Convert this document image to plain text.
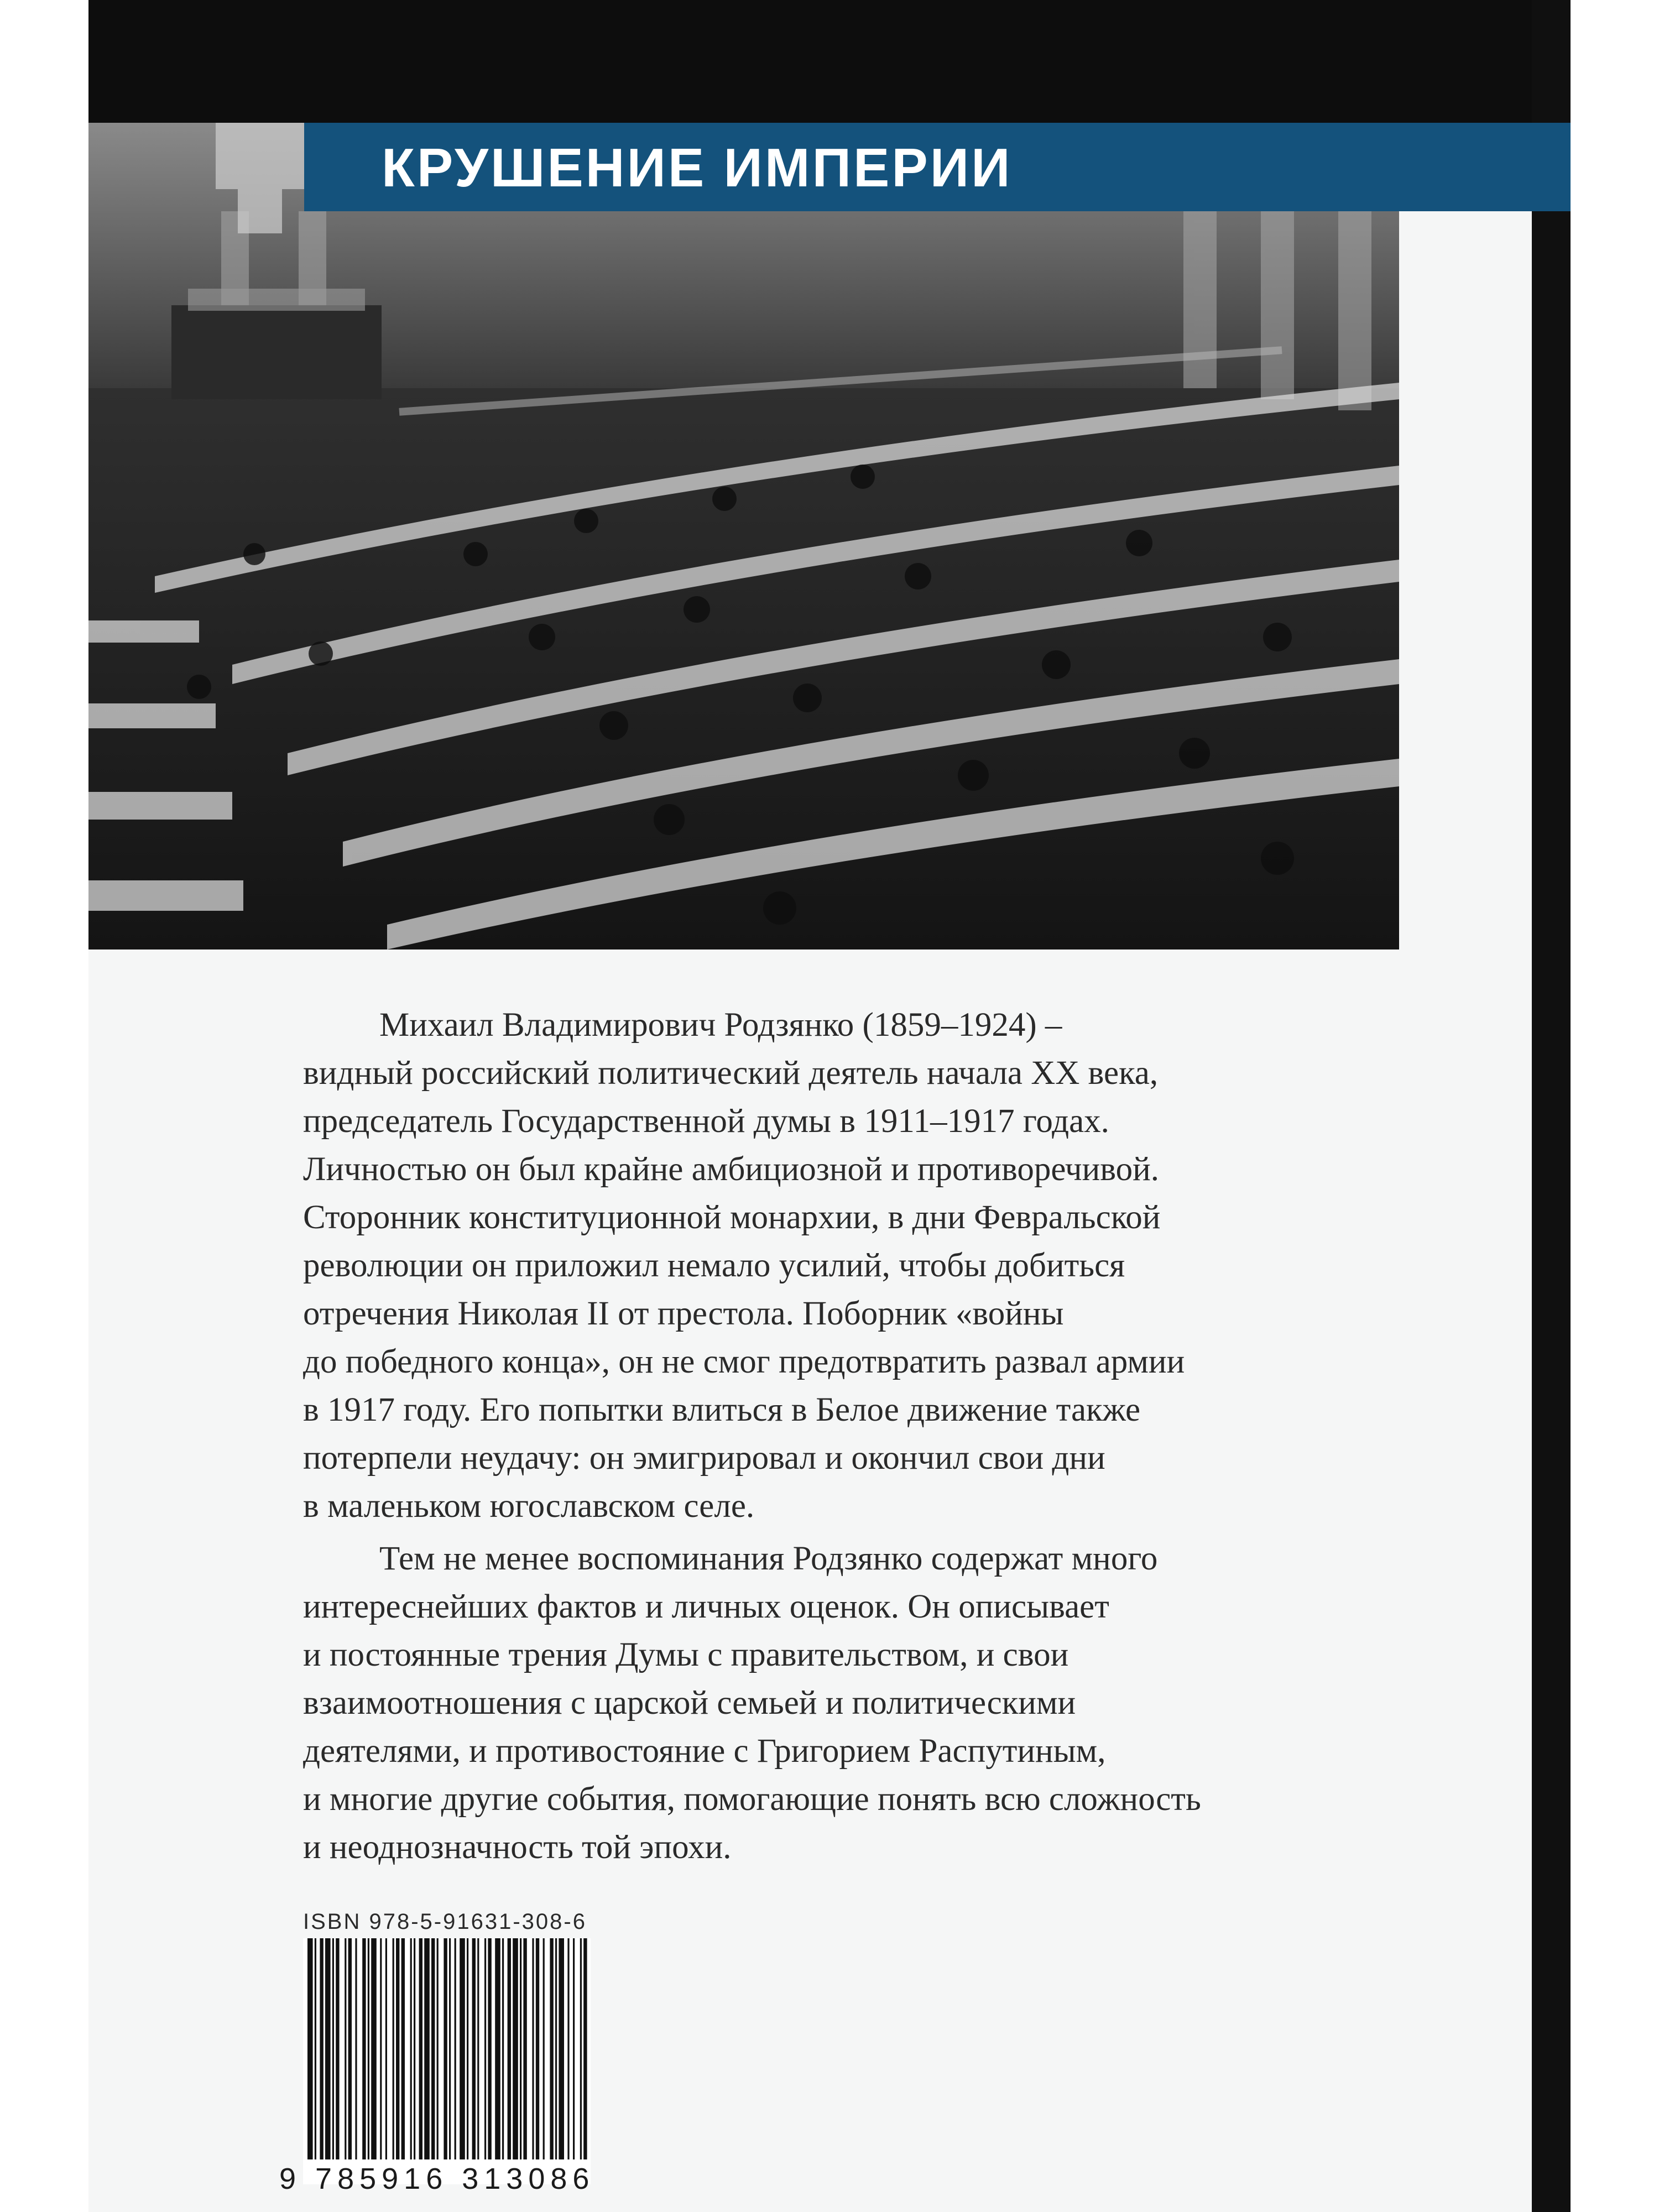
КРУШЕНИЕ ИМПЕРИИ
Михаил Владимирович Родзянко (1859–1924) –
видный российский политический деятель начала XX века,
председатель Государственной думы в 1911–1917 годах.
Личностью он был крайне амбициозной и противоречивой.
Сторонник конституционной монархии, в дни Февральской
революции он приложил немало усилий, чтобы добиться
отречения Николая II от престола. Поборник «войны
до победного конца», он не смог предотвратить развал армии
в 1917 году. Его попытки влиться в Белое движение также
потерпели неудачу: он эмигрировал и окончил свои дни
в маленьком югославском селе.
Тем не менее воспоминания Родзянко содержат много
интереснейших фактов и личных оценок. Он описывает
и постоянные трения Думы с правительством, и свои
взаимоотношения с царской семьей и политическими
деятелями, и противостояние с Григорием Распутиным,
и многие другие события, помогающие понять всю сложность
и неоднозначность той эпохи.
ISBN 978-5-91631-308-6
9 785916 313086
